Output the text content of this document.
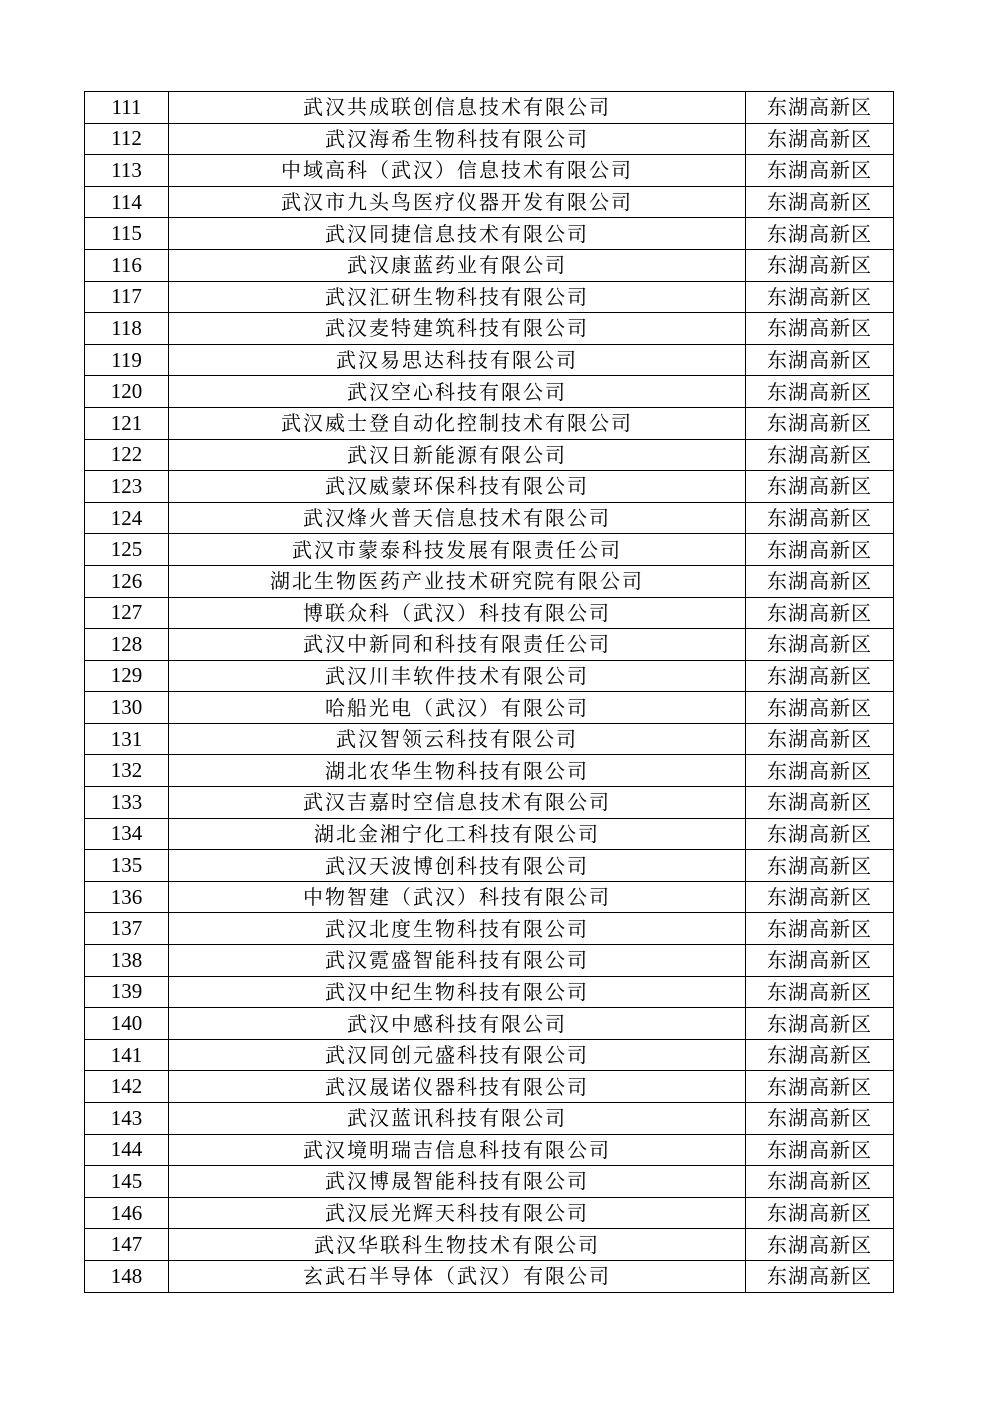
111	武汉共成联创信息技术有限公司	东湖高新区
112	武汉海希生物科技有限公司	东湖高新区
113	中域高科（武汉）信息技术有限公司	东湖高新区
114	武汉市九头鸟医疗仪器开发有限公司	东湖高新区
115	武汉同捷信息技术有限公司	东湖高新区
116	武汉康蓝药业有限公司	东湖高新区
117	武汉汇研生物科技有限公司	东湖高新区
118	武汉麦特建筑科技有限公司	东湖高新区
119	武汉易思达科技有限公司	东湖高新区
120	武汉空心科技有限公司	东湖高新区
121	武汉威士登自动化控制技术有限公司	东湖高新区
122	武汉日新能源有限公司	东湖高新区
123	武汉威蒙环保科技有限公司	东湖高新区
124	武汉烽火普天信息技术有限公司	东湖高新区
125	武汉市蒙泰科技发展有限责任公司	东湖高新区
126	湖北生物医药产业技术研究院有限公司	东湖高新区
127	博联众科（武汉）科技有限公司	东湖高新区
128	武汉中新同和科技有限责任公司	东湖高新区
129	武汉川丰软件技术有限公司	东湖高新区
130	哈船光电（武汉）有限公司	东湖高新区
131	武汉智领云科技有限公司	东湖高新区
132	湖北农华生物科技有限公司	东湖高新区
133	武汉吉嘉时空信息技术有限公司	东湖高新区
134	湖北金湘宁化工科技有限公司	东湖高新区
135	武汉天波博创科技有限公司	东湖高新区
136	中物智建（武汉）科技有限公司	东湖高新区
137	武汉北度生物科技有限公司	东湖高新区
138	武汉霓盛智能科技有限公司	东湖高新区
139	武汉中纪生物科技有限公司	东湖高新区
140	武汉中感科技有限公司	东湖高新区
141	武汉同创元盛科技有限公司	东湖高新区
142	武汉晟诺仪器科技有限公司	东湖高新区
143	武汉蓝讯科技有限公司	东湖高新区
144	武汉境明瑞吉信息科技有限公司	东湖高新区
145	武汉博晟智能科技有限公司	东湖高新区
146	武汉辰光辉天科技有限公司	东湖高新区
147	武汉华联科生物技术有限公司	东湖高新区
148	玄武石半导体（武汉）有限公司	东湖高新区
